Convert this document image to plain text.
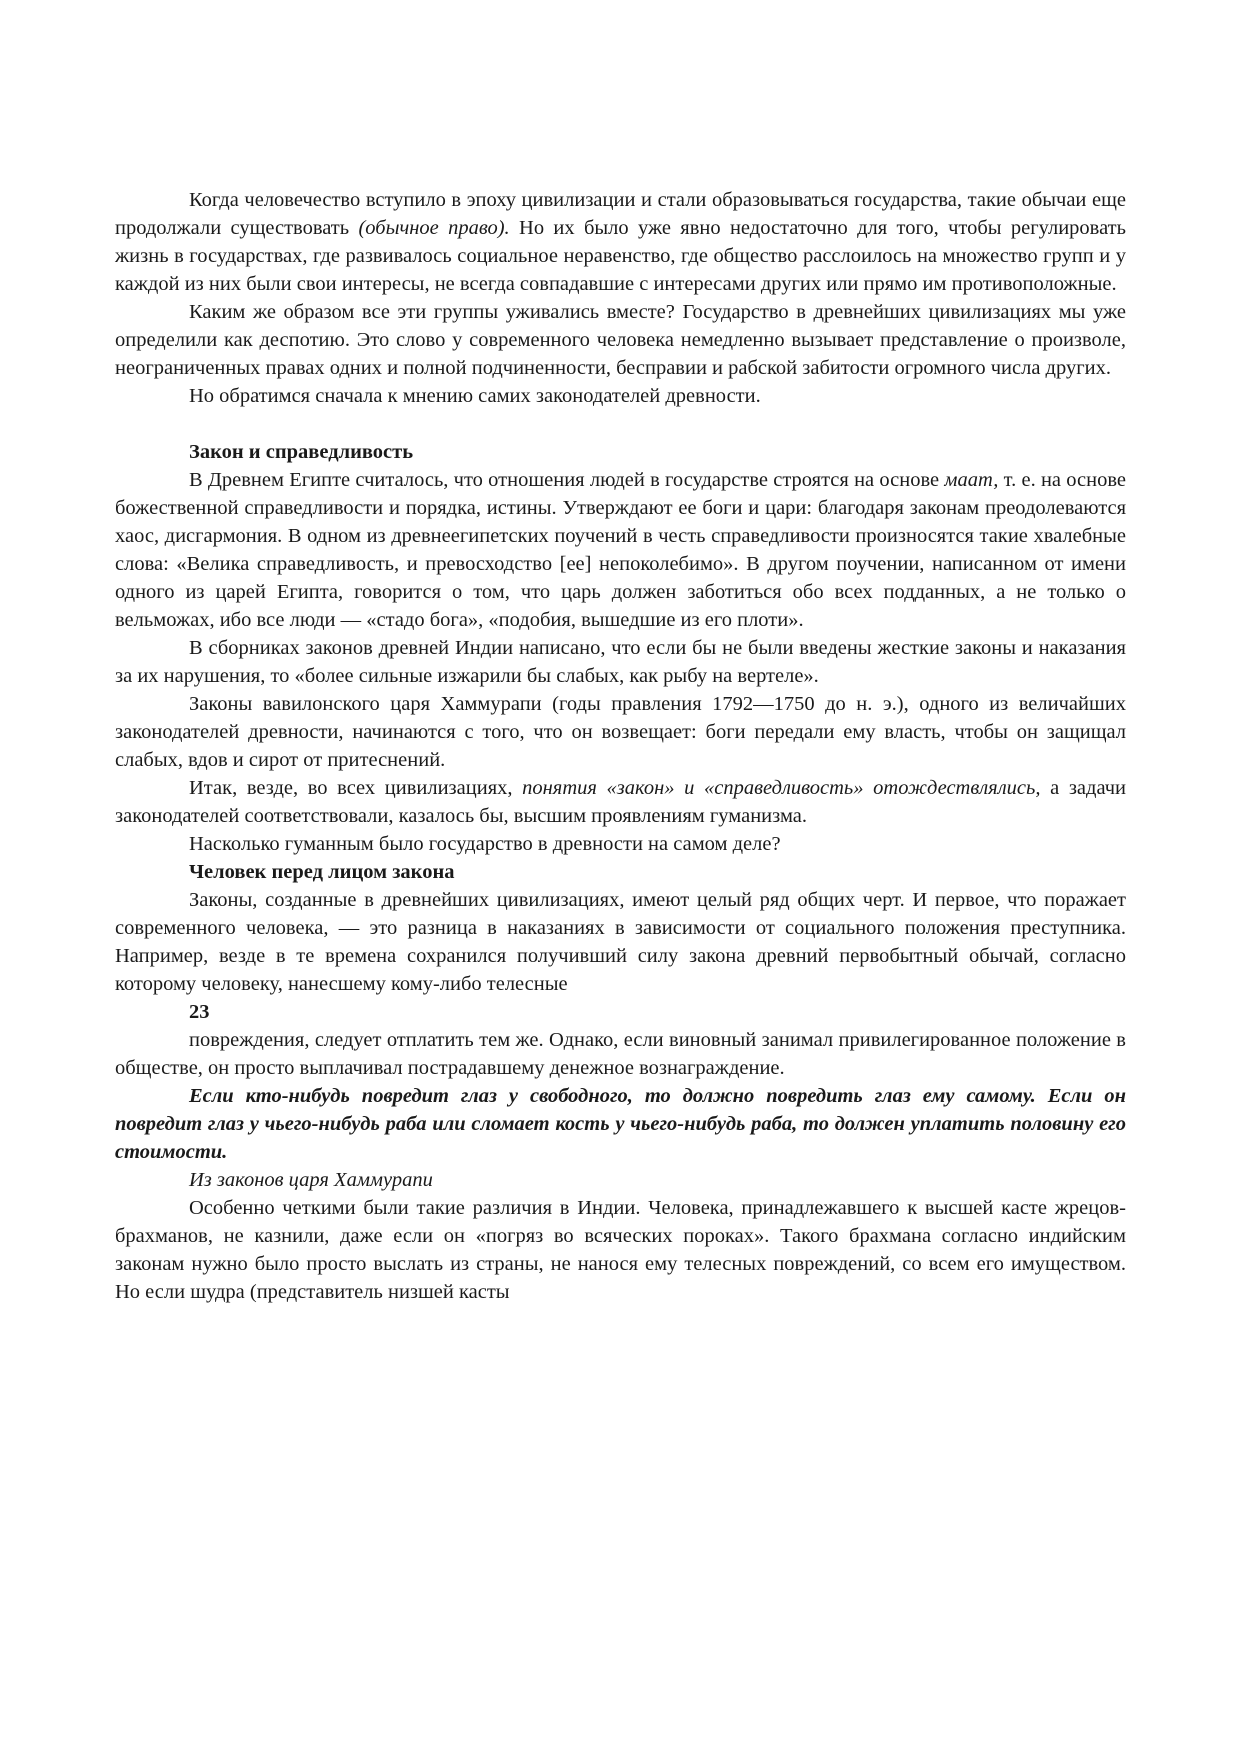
Когда человечество вступило в эпоху цивилизации и стали образовываться государства, такие обычаи еще продолжали существовать (обычное право). Но их было уже явно недостаточно для того, чтобы регулировать жизнь в государствах, где развивалось социальное неравенство, где общество расслоилось на множество групп и у каждой из них были свои интересы, не всегда совпадавшие с интересами других или прямо им противоположные.

Каким же образом все эти группы уживались вместе? Государство в древнейших цивилизациях мы уже определили как деспотию. Это слово у современного человека немедленно вызывает представление о произволе, неограниченных правах одних и полной подчиненности, бесправии и рабской забитости огромного числа других.

Но обратимся сначала к мнению самих законодателей древности.

Закон и справедливость

В Древнем Египте считалось, что отношения людей в государстве строятся на основе маат, т. е. на основе божественной справедливости и порядка, истины. Утверждают ее боги и цари: благодаря законам преодолеваются хаос, дисгармония. В одном из древнеегипетских поучений в честь справедливости произносятся такие хвалебные слова: «Велика справедливость, и превосходство [ее] непоколебимо». В другом поучении, написанном от имени одного из царей Египта, говорится о том, что царь должен заботиться обо всех подданных, а не только о вельможах, ибо все люди — «стадо бога», «подобия, вышедшие из его плоти».

В сборниках законов древней Индии написано, что если бы не были введены жесткие законы и наказания за их нарушения, то «более сильные изжарили бы слабых, как рыбу на вертеле».

Законы вавилонского царя Хаммурапи (годы правления 1792—1750 до н. э.), одного из величайших законодателей древности, начинаются с того, что он возвещает: боги передали ему власть, чтобы он защищал слабых, вдов и сирот от притеснений.

Итак, везде, во всех цивилизациях, понятия «закон» и «справедливость» отождествлялись, а задачи законодателей соответствовали, казалось бы, высшим проявлениям гуманизма.

Насколько гуманным было государство в древности на самом деле?

Человек перед лицом закона

Законы, созданные в древнейших цивилизациях, имеют целый ряд общих черт. И первое, что поражает современного человека, — это разница в наказаниях в зависимости от социального положения преступника. Например, везде в те времена сохранился получивший силу закона древний первобытный обычай, согласно которому человеку, нанесшему кому-либо телесные

23

повреждения, следует отплатить тем же. Однако, если виновный занимал привилегированное положение в обществе, он просто выплачивал пострадавшему денежное вознаграждение.

Если кто-нибудь повредит глаз у свободного, то должно повредить глаз ему самому. Если он повредит глаз у чьего-нибудь раба или сломает кость у чьего-нибудь раба, то должен уплатить половину его стоимости.

Из законов царя Хаммурапи

Особенно четкими были такие различия в Индии. Человека, принадлежавшего к высшей касте жрецов-брахманов, не казнили, даже если он «погряз во всяческих пороках». Такого брахмана согласно индийским законам нужно было просто выслать из страны, не нанося ему телесных повреждений, со всем его имуществом. Но если шудра (представитель низшей касты
